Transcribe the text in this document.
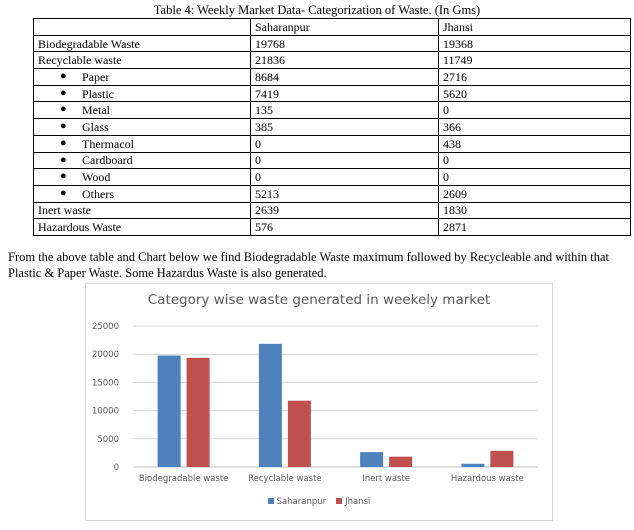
Table 4: Weekly Market Data- Categorization of Waste. (In Gms)
	Saharanpur	Jhansi
Biodegradable Waste	19768	19368
Recyclable waste	21836	11749

● Paper	8684	2716

● Plastic	7419	5620

● Metal	135	0

● Glass	385	366

● Thermacol	0	438

● Cardboard	0	0

● Wood	0	0

● Others	5213	2609
Inert waste	2639	1830
Hazardous Waste	576	2871
From the above table and Chart below we find Biodegradable Waste maximum followed by Recycleable and within that Plastic & Paper Waste. Some Hazardus Waste is also generated.
Category wise waste generated in weekely market
0
5000
10000
15000
20000
25000
Biodegradable waste Recyclable waste	Inert waste	Hazardous waste
Saharanpur Jhansi
